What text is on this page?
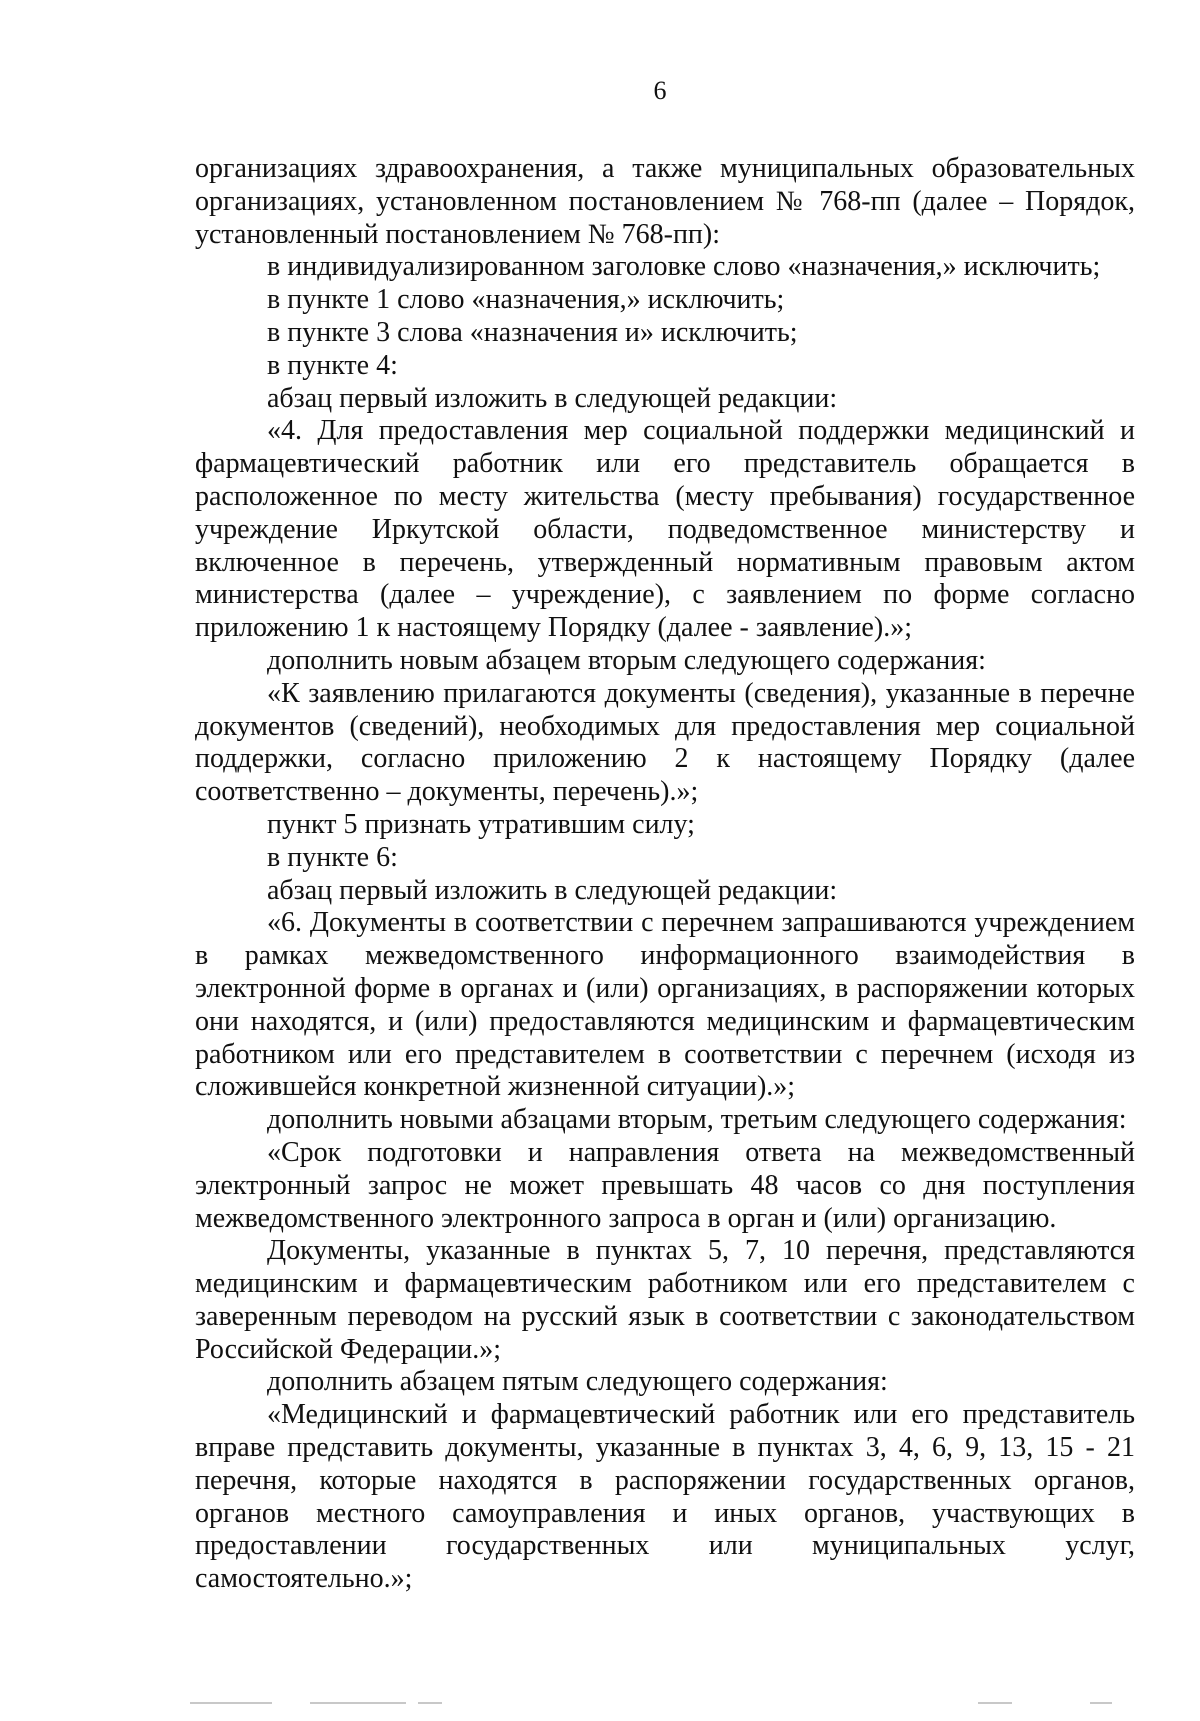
6

организациях здравоохранения, а также муниципальных образовательных организациях, установленном постановлением № 768-пп (далее – Порядок, установленный постановлением № 768-пп):

в индивидуализированном заголовке слово «назначения,» исключить;

в пункте 1 слово «назначения,» исключить;

в пункте 3 слова «назначения и» исключить;

в пункте 4:

абзац первый изложить в следующей редакции:

«4. Для предоставления мер социальной поддержки медицинский и фармацевтический работник или его представитель обращается в расположенное по месту жительства (месту пребывания) государственное учреждение Иркутской области, подведомственное министерству и включенное в перечень, утвержденный нормативным правовым актом министерства (далее – учреждение), с заявлением по форме согласно приложению 1 к настоящему Порядку (далее - заявление).»;

дополнить новым абзацем вторым следующего содержания:

«К заявлению прилагаются документы (сведения), указанные в перечне документов (сведений), необходимых для предоставления мер социальной поддержки, согласно приложению 2 к настоящему Порядку (далее соответственно – документы, перечень).»;

пункт 5 признать утратившим силу;

в пункте 6:

абзац первый изложить в следующей редакции:

«6. Документы в соответствии с перечнем запрашиваются учреждением в рамках межведомственного информационного взаимодействия в электронной форме в органах и (или) организациях, в распоряжении которых они находятся, и (или) предоставляются медицинским и фармацевтическим работником или его представителем в соответствии с перечнем (исходя из сложившейся конкретной жизненной ситуации).»;

дополнить новыми абзацами вторым, третьим следующего содержания:

«Срок подготовки и направления ответа на межведомственный электронный запрос не может превышать 48 часов со дня поступления межведомственного электронного запроса в орган и (или) организацию.

Документы, указанные в пунктах 5, 7, 10 перечня, представляются медицинским и фармацевтическим работником или его представителем с заверенным переводом на русский язык в соответствии с законодательством Российской Федерации.»;

дополнить абзацем пятым следующего содержания:

«Медицинский и фармацевтический работник или его представитель вправе представить документы, указанные в пунктах 3, 4, 6, 9, 13, 15 - 21 перечня, которые находятся в распоряжении государственных органов, органов местного самоуправления и иных органов, участвующих в предоставлении государственных или муниципальных услуг, самостоятельно.»;
